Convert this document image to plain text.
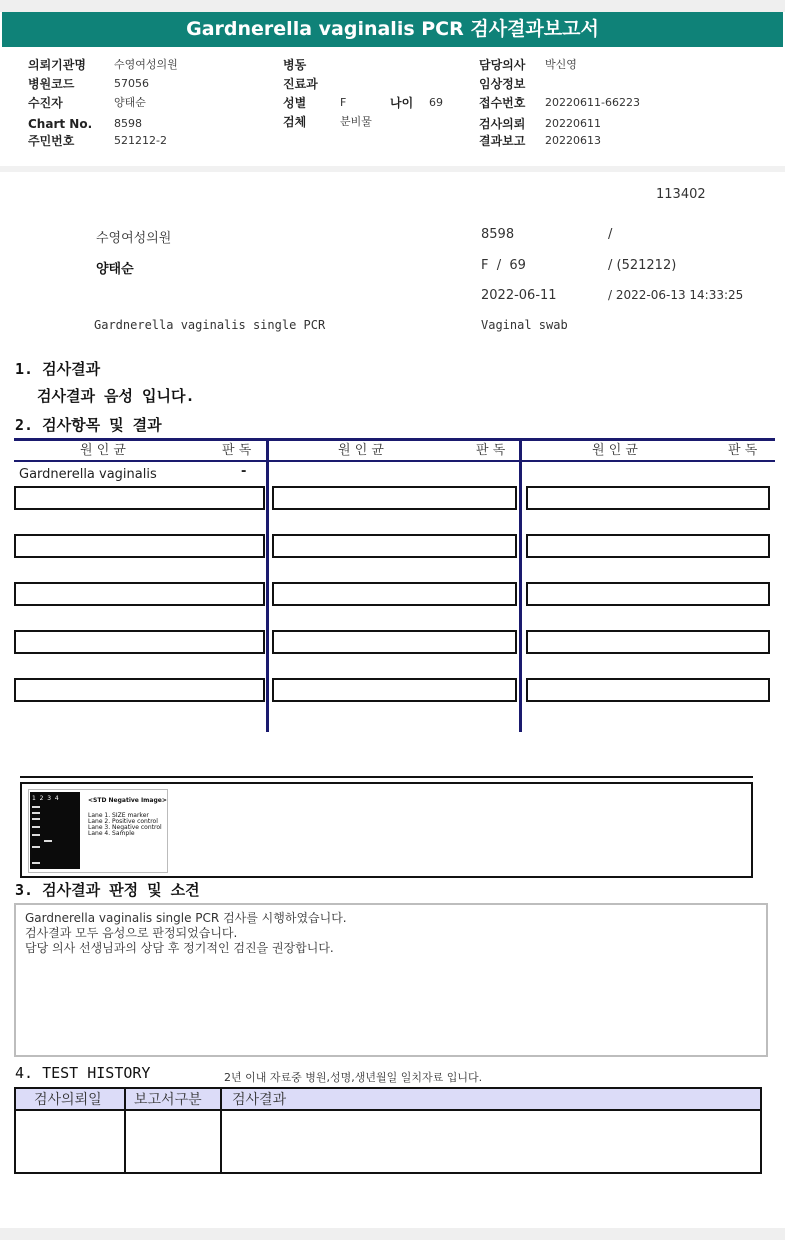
Gardnerella vaginalis PCR 검사결과보고서
의뢰기관명	수영여성의원
병원코드	57056
수진자	양태순
Chart No. 8598
주민번호	521212-2
병동
진료과
성별	F	나이 69
검체	분비물
담당의사 박신영
임상정보
접수번호 20220611-66223
검사의뢰 20220611
결과보고 20220613
113402
수영여성의원	8598	/
양태순	F  /  69	/ (521212)
2022-06-11	/ 2022-06-13 14:33:25
Gardnerella vaginalis single PCR	Vaginal swab
1. 검사결과
검사결과 음성 입니다.
2. 검사항목 및 결과
원 인 균	판 독	원 인 균	판 독	원 인 균	판 독
Gardnerella vaginalis	-
1  2  3  4	<STD Negative Image>
Lane 1. SIZE marker
Lane 2. Positive control
Lane 3. Negative control
Lane 4. Sample
3. 검사결과 판정 및 소견
Gardnerella vaginalis single PCR 검사를 시행하였습니다.
검사결과 모두 음성으로 판정되었습니다.
담당 의사 선생님과의 상담 후 정기적인 검진을 권장합니다.
4. TEST HISTORY	2년 이내 자료중 병원,성명,생년월일 일치자료 입니다.
검사의뢰일 보고서구분 검사결과
